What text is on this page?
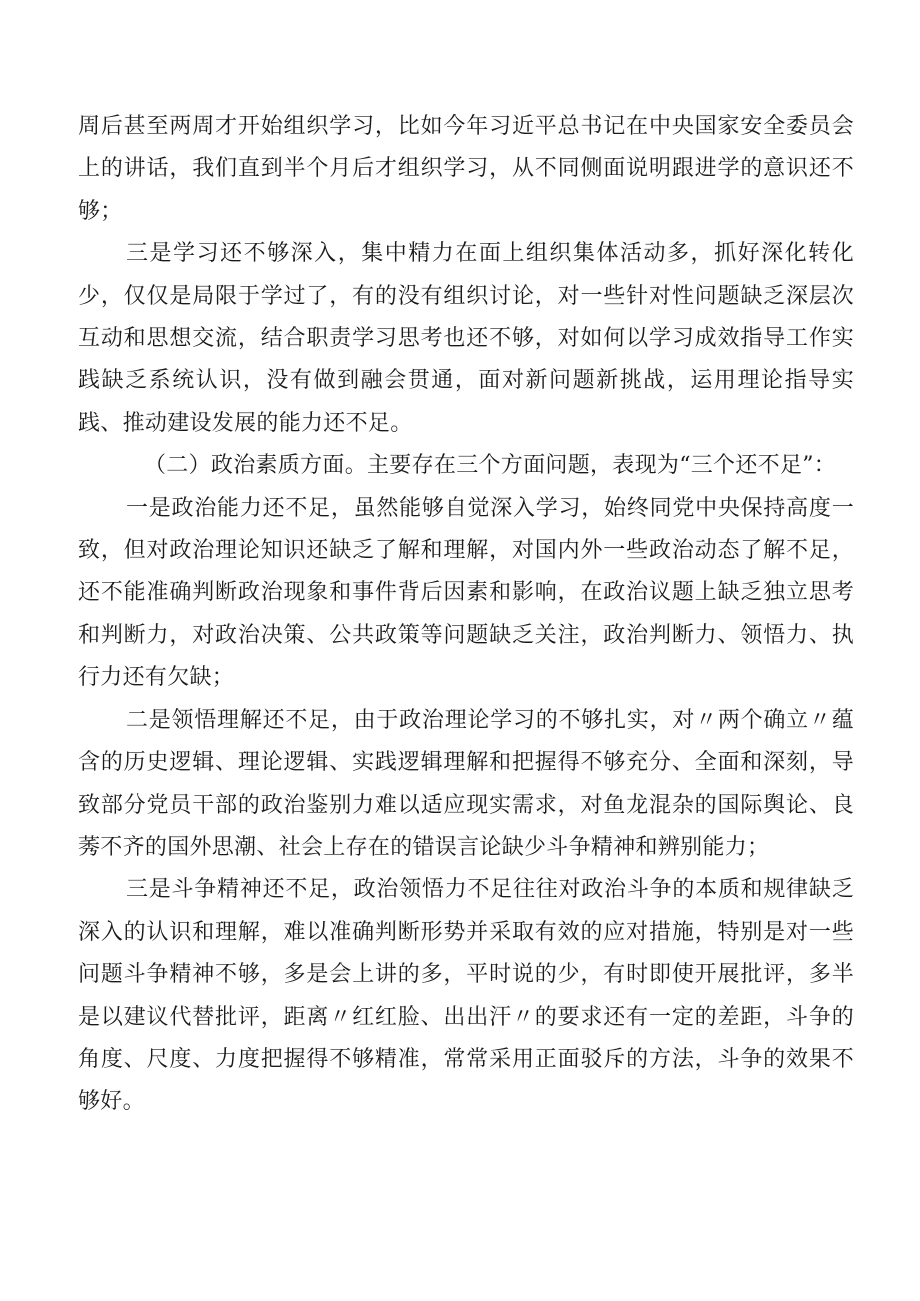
周后甚至两周才开始组织学习，比如今年习近平总书记在中央国家安全委员会上的讲话，我们直到半个月后才组织学习，从不同侧面说明跟进学的意识还不够；

三是学习还不够深入，集中精力在面上组织集体活动多，抓好深化转化少，仅仅是局限于学过了，有的没有组织讨论，对一些针对性问题缺乏深层次互动和思想交流，结合职责学习思考也还不够，对如何以学习成效指导工作实践缺乏系统认识，没有做到融会贯通，面对新问题新挑战，运用理论指导实践、推动建设发展的能力还不足。

（二）政治素质方面。主要存在三个方面问题，表现为“三个还不足”：

一是政治能力还不足，虽然能够自觉深入学习，始终同党中央保持高度一致，但对政治理论知识还缺乏了解和理解，对国内外一些政治动态了解不足，还不能准确判断政治现象和事件背后因素和影响，在政治议题上缺乏独立思考和判断力，对政治决策、公共政策等问题缺乏关注，政治判断力、领悟力、执行力还有欠缺；

二是领悟理解还不足，由于政治理论学习的不够扎实，对〃两个确立〃蕴含的历史逻辑、理论逻辑、实践逻辑理解和把握得不够充分、全面和深刻，导致部分党员干部的政治鉴别力难以适应现实需求，对鱼龙混杂的国际舆论、良莠不齐的国外思潮、社会上存在的错误言论缺少斗争精神和辨别能力；

三是斗争精神还不足，政治领悟力不足往往对政治斗争的本质和规律缺乏深入的认识和理解，难以准确判断形势并采取有效的应对措施，特别是对一些问题斗争精神不够，多是会上讲的多，平时说的少，有时即使开展批评，多半是以建议代替批评，距离〃红红脸、出出汗〃的要求还有一定的差距，斗争的角度、尺度、力度把握得不够精准，常常采用正面驳斥的方法，斗争的效果不够好。
